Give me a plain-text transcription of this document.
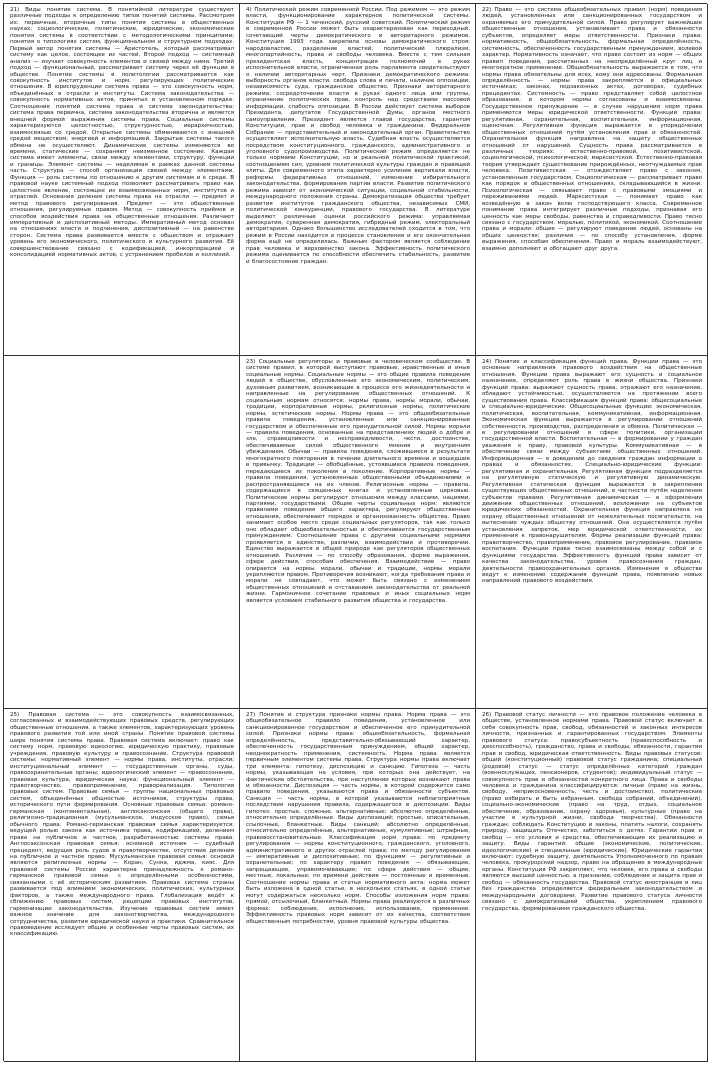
21) Виды понятие система. В понятийной литературе существуют различные подходы к определению типов понятий системы. Рассмотрим их: первичные, вторичные типы понятия системы в общественных науках; социологические, политические, юридические, экономические понятия системы в соответствии с методологическими принципами; понятия о типологиях систем, функциональном и структурном подходах. Первый автор понятия системы — Аристотель, который рассматривал систему как целое, состоящее из частей. Второй подход — системный анализ — изучает совокупность элементов и связей между ними. Третий подход — функциональный, рассматривает систему через её функции в обществе. Понятие системы в политологии рассматривается как совокупность институтов и норм, регулирующих политические отношения. В юриспруденции система права — это совокупность норм, объединённых в отрасли и институты. Система законодательства — совокупность нормативных актов, принятых в установленном порядке. Соотношение понятий система права и система законодательства: система права первична, система законодательства вторична и является внешней формой выражения системы права. Социальные системы характеризуются целостностью, структурностью, иерархичностью, взаимосвязью со средой. Открытые системы обмениваются с внешней средой веществом, энергией и информацией. Закрытые системы такого обмена не осуществляют. Динамические системы изменяются во времени, статические — сохраняют неизменное состояние. Каждая система имеет элементы, связи между элементами, структуру, функции и границы. Элемент системы — неделимая в рамках данной системы часть. Структура — способ организации связей между элементами. Функция — роль системы по отношению к другим системам и к среде. В правовой науке системный подход позволяет рассматривать право как целостное явление, состоящее из взаимосвязанных норм, институтов и отраслей. Основания деления системы права на отрасли — предмет и метод правового регулирования. Предмет — это общественные отношения, регулируемые правом. Метод — совокупность приёмов и способов воздействия права на общественные отношения. Различают императивный и диспозитивный методы. Императивный метод основан на отношениях власти и подчинения, диспозитивный — на равенстве сторон. Система права развивается вместе с обществом и отражает уровень его экономического, политического и культурного развития. Её совершенствование связано с кодификацией, инкорпорацией и консолидацией нормативных актов, с устранением пробелов и коллизий.

4) Политический режим современной России. Под режимом — это режим власти, функционирование характерное политической системы. Конституция РФ — 1 чеченский, русский советский. Политический режим в современной России может быть охарактеризован как переходный, сочетающий черты демократического и авторитарного режимов. Конституция 1993 года закрепила основы демократического строя: народовластие, разделение властей, политический плюрализм, многопартийность, права и свободы человека. Вместе с тем сильная президентская власть, концентрация полномочий в руках исполнительной власти, ограниченная роль парламента свидетельствуют о наличии авторитарных черт. Признаки демократического режима: выборность органов власти, свобода слова и печати, наличие оппозиции, независимость суда, гражданское общество. Признаки авторитарного режима: сосредоточение власти в руках одного лица или группы, ограничение политических прав, контроль над средствами массовой информации, слабость оппозиции. В России действует система выборов Президента, депутатов Государственной Думы, органов местного самоуправления. Президент является главой государства, гарантом Конституции, прав и свобод человека и гражданина. Федеральное Собрание — представительный и законодательный орган. Правительство осуществляет исполнительную власть. Судебная власть осуществляется посредством конституционного, гражданского, административного и уголовного судопроизводства. Политический режим определяется не только нормами Конституции, но и реальной политической практикой, соотношением сил, уровнем политической культуры граждан и правящей элиты. Для современного этапа характерно усиление вертикали власти, реформы федеративных отношений, изменение избирательного законодательства, формирование партии власти. Развитие политического режима зависит от экономической ситуации, социальной стабильности, международного положения страны. Демократизация общества требует развития институтов гражданского общества, независимых СМИ, политической конкуренции, правового государства. В литературе выделяют различные оценки российского режима: управляемая демократия, суверенная демократия, гибридный режим, электоральный авторитаризм. Однако большинство исследователей сходится в том, что режим в России находится в процессе становления и его окончательная форма ещё не определилась. Важным фактором является соблюдение прав человека и верховенство закона. Эффективность политического режима оценивается по способности обеспечить стабильность, развитие и благосостояние граждан.

22) Право — это система общеобязательных правил (норм) поведения людей, установленных или санкционированных государством и охраняемых его принудительной силой. Право регулирует важнейшие общественные отношения, устанавливает права и обязанности субъектов, определяет меры ответственности. Признаки права: нормативность, общеобязательность, формальная определённость, системность, обеспеченность государственным принуждением, волевой характер. Нормативность означает, что право состоит из норм — общих правил поведения, рассчитанных на неопределённый круг лиц и многократное применение. Общеобязательность выражается в том, что нормы права обязательны для всех, кому они адресованы. Формальная определённость — нормы права закрепляются в официальных источниках: законах, подзаконных актах, договорах, судебных прецедентах. Системность — право представляет собой целостное образование, в котором нормы согласованы и взаимосвязаны. Государственное принуждение — в случае нарушения норм права применяются меры юридической ответственности. Функции права: регулятивная, охранительная, воспитательная, информационная, оценочная. Регулятивная функция выражается в упорядочении общественных отношений путём установления прав и обязанностей. Охранительная функция направлена на защиту общественных отношений от нарушений. Сущность права рассматривается в различных теориях: естественно-правовой, позитивистской, социологической, психологической, марксистской. Естественно-правовая теория утверждает существование прирождённых, неотчуждаемых прав человека. Позитивистская — отождествляет право с законом, установленным государством. Социологическая — рассматривает право как порядок в общественных отношениях, складывающийся в жизни. Психологическая — связывает право с правовыми эмоциями и переживаниями людей. Марксистская — понимает право как возведённую в закон волю господствующего класса. Современное понимание права интегрирует различные подходы, признавая его ценность как меры свободы, равенства и справедливости. Право тесно связано с государством, моралью, политикой, экономикой. Соотношение права и морали: общее — регулируют поведение людей, основаны на общих ценностях; различия — по способу установления, форме выражения, способам обеспечения. Право и мораль взаимодействуют, взаимно дополняют и обогащают друг друга.

23) Социальные регуляторы и правовые в человеческом сообществе. В системе правил, в которой выступают правовые, нравственные и иные социальные нормы. Социальные нормы — это общие правила поведения людей в обществе, обусловленные его экономическим, политическим, духовным развитием, возникающие в процессе его жизнедеятельности и направленные на регулирование общественных отношений. К социальным нормам относятся: нормы права, нормы морали, обычаи, традиции, корпоративные нормы, религиозные нормы, политические нормы, эстетические нормы. Нормы права — это общеобязательные правила поведения, установленные или санкционированные государством и обеспеченные его принудительной силой. Нормы морали — правила поведения, основанные на представлениях людей о добре и зле, справедливости и несправедливости, чести, достоинстве, обеспечиваемые силой общественного мнения и внутренним убеждением. Обычаи — правила поведения, сложившиеся в результате многократного повторения в течение длительного времени и вошедшие в привычку. Традиции — обобщённые, устоявшиеся правила поведения, передающиеся из поколения в поколение. Корпоративные нормы — правила поведения, установленные общественными объединениями и распространяющиеся на их членов. Религиозные нормы — правила, содержащиеся в священных книгах и установленные церковью. Политические нормы регулируют отношения между классами, нациями, партиями, государствами. Общие черты социальных норм: являются правилами поведения общего характера, регулируют общественные отношения, обеспечивают порядок и организованность общества. Право занимает особое место среди социальных регуляторов, так как только оно обладает общеобязательностью и обеспечивается государственным принуждением. Соотношение права с другими социальными нормами проявляется в единстве, различии, взаимодействии и противоречии. Единство выражается в общей природе как регуляторов общественных отношений. Различия — по способу образования, форме выражения, сфере действия, способам обеспечения. Взаимодействие — право опирается на нормы морали, обычаи и традиции, нормы морали укрепляются правом. Противоречия возникают, когда требования права и морали не совпадают, что может быть связано с изменением общественных отношений и отставанием законодательства от реальной жизни. Гармоничное сочетание правовых и иных социальных норм является условием стабильного развития общества и государства.

24) Понятие и классификация функций права. Функции права — это основные направления правового воздействия на общественные отношения. Функции права выражают его сущность и социальное назначение, определяют роль права в жизни общества. Признаки функций права: выражают сущность права, отражают его назначение, обладают устойчивостью, осуществляются на протяжении всего существования права. Классификация функций права: общесоциальные и специально-юридические. Общесоциальные функции: экономическая, политическая, воспитательная, коммуникативная, информационная. Экономическая функция выражается в регулировании отношений собственности, производства, распределения и обмена. Политическая — в регулировании отношений в сфере политики, организации государственной власти. Воспитательная — в формировании у граждан уважения к праву, правовой культуры. Коммуникативная — в обеспечении связи между субъектами общественных отношений. Информационная — в доведении до сведения граждан информации о правах и обязанностях. Специально-юридические функции: регулятивная и охранительная. Регулятивная функция подразделяется на регулятивную статическую и регулятивную динамическую. Регулятивная статическая функция выражается в закреплении существующих общественных отношений, в частности путём наделения субъектов правами. Регулятивная динамическая — в оформлении движения общественных отношений, возложении на субъектов юридических обязанностей. Охранительная функция направлена на охрану общественных отношений от нежелательных посягательств, на вытеснение чуждых обществу отношений. Она осуществляется путём установления запретов, мер юридической ответственности, их применения к правонарушителям. Формы реализации функций права: правотворчество, правоприменение, правовое регулирование, правовое воспитание. Функции права тесно взаимосвязаны между собой и с функциями государства. Эффективность функций права зависит от качества законодательства, уровня правосознания граждан, деятельности правоохранительных органов. Изменения в обществе ведут к изменению содержания функций права, появлению новых направлений правового воздействия.

25) Правовая система — это совокупность взаимосвязанных, согласованных и взаимодействующих правовых средств, регулирующих общественные отношения, а также элементов, характеризующих уровень правового развития той или иной страны. Понятие правовой системы шире понятия системы права. Правовая система включает: право как систему норм, правовую идеологию, юридическую практику, правовые учреждения, правовую культуру и правосознание. Структура правовой системы: нормативный элемент — нормы права, институты, отрасли; институциональный элемент — государственные органы, суды, правоохранительные органы; идеологический элемент — правосознание, правовая культура, юридическая наука; функциональный элемент — правотворчество, правоприменение, правореализация. Типология правовых систем. Правовые семьи — группы национальных правовых систем, объединённых общностью источников, структуры права, исторического пути формирования. Основные правовые семьи: романо-германская (континентальная), англосаксонская (общего права), религиозно-традиционная (мусульманское, индусское право), семья обычного права. Романо-германская правовая семья характеризуется: ведущей ролью закона как источника права, кодификацией, делением права на публичное и частное, разработанностью системы права. Англосаксонская правовая семья: основной источник — судебный прецедент, ведущая роль судов в правотворчестве, отсутствие деления на публичное и частное право. Мусульманская правовая семья: основой являются религиозные нормы — Коран, Сунна, иджма, кияс. Для правовой системы России характерна принадлежность к романо-германской правовой семье с определёнными особенностями, связанными с её историческим развитием. Правовая система страны развивается под влиянием экономических, политических, культурных факторов, а также международного права. Глобализация ведёт к сближению правовых систем, рецепции правовых институтов, гармонизации законодательства. Изучение правовых систем имеет важное значение для законотворчества, международного сотрудничества, развития юридической науки и практики. Сравнительное правоведение исследует общие и особенные черты правовых систем, их классификацию.

27) Понятие и структура признаки нормы права. Норма права — это общеобязательное правило поведения, установленное или санкционированное государством и обеспеченное его принудительной силой. Признаки нормы права: общеобязательность, формальная определённость, представительно-обязывающий характер, обеспеченность государственным принуждением, общий характер, неоднократность применения, системность. Норма права является первичным элементом системы права. Структура нормы права включает три элемента: гипотезу, диспозицию и санкцию. Гипотеза — часть нормы, указывающая на условия, при которых она действует, на фактические обстоятельства, при наступлении которых возникают права и обязанности. Диспозиция — часть нормы, в которой содержится само правило поведения, указываются права и обязанности субъектов. Санкция — часть нормы, в которой указываются неблагоприятные последствия нарушения правила, содержащегося в диспозиции. Виды гипотез: простые, сложные, альтернативные; абсолютно определённые, относительно определённые. Виды диспозиций: простые, описательные, ссылочные, бланкетные. Виды санкций: абсолютно определённые, относительно определённые, альтернативные, кумулятивные; штрафные, правовосстановительные. Классификация норм права: по предмету регулирования — нормы конституционного, гражданского, уголовного, административного и других отраслей права; по методу регулирования — императивные и диспозитивные; по функциям — регулятивные и охранительные; по характеру правил поведения — обязывающие, запрещающие, управомочивающие; по сфере действия — общие, местные, локальные; по времени действия — постоянные и временные. Соотношение нормы права и статьи нормативного акта: норма может быть изложена в одной статье, в нескольких статьях, в одной статье могут содержаться несколько норм. Способы изложения норм права: прямой, отсылочный, бланкетный. Нормы права реализуются в различных формах: соблюдение, исполнение, использование, применение. Эффективность правовых норм зависит от их качества, соответствия общественным потребностям, уровня правовой культуры общества.

26) Правовой статус личности — это правовое положение человека в обществе, установленное нормами права. Правовой статус включает в себя совокупность прав, свобод, обязанностей и законных интересов личности, признанных и гарантированных государством. Элементы правового статуса: правосубъектность (правоспособность и дееспособность), гражданство, права и свободы, обязанности, гарантии прав и свобод, юридическая ответственность. Виды правовых статусов: общий (конституционный) правовой статус гражданина; специальный (родовой) статус — статус определённых категорий граждан (военнослужащих, пенсионеров, студентов); индивидуальный статус — совокупность прав и обязанностей конкретного лица. Права и свободы человека и гражданина классифицируются: личные (право на жизнь, свободу, неприкосновенность, честь и достоинство), политические (право избирать и быть избранным, свобода собраний, объединений), социально-экономические (право на труд, отдых, социальное обеспечение, образование, охрану здоровья), культурные (право на участие в культурной жизни, свобода творчества). Обязанности граждан: соблюдать Конституцию и законы, платить налоги, сохранять природу, защищать Отечество, заботиться о детях. Гарантии прав и свобод — это условия и средства, обеспечивающие их реализацию и защиту. Виды гарантий: общие (экономические, политические, идеологические) и специальные (юридические). Юридические гарантии включают: судебную защиту, деятельность Уполномоченного по правам человека, прокурорский надзор, право на обращение в международные органы. Конституция РФ закрепляет, что человек, его права и свободы являются высшей ценностью, а признание, соблюдение и защита прав и свобод — обязанность государства. Правовой статус иностранцев и лиц без гражданства определяется федеральным законодательством и международными договорами. Развитие правового статуса личности связано с демократизацией общества, укреплением правового государства, формированием гражданского общества.
